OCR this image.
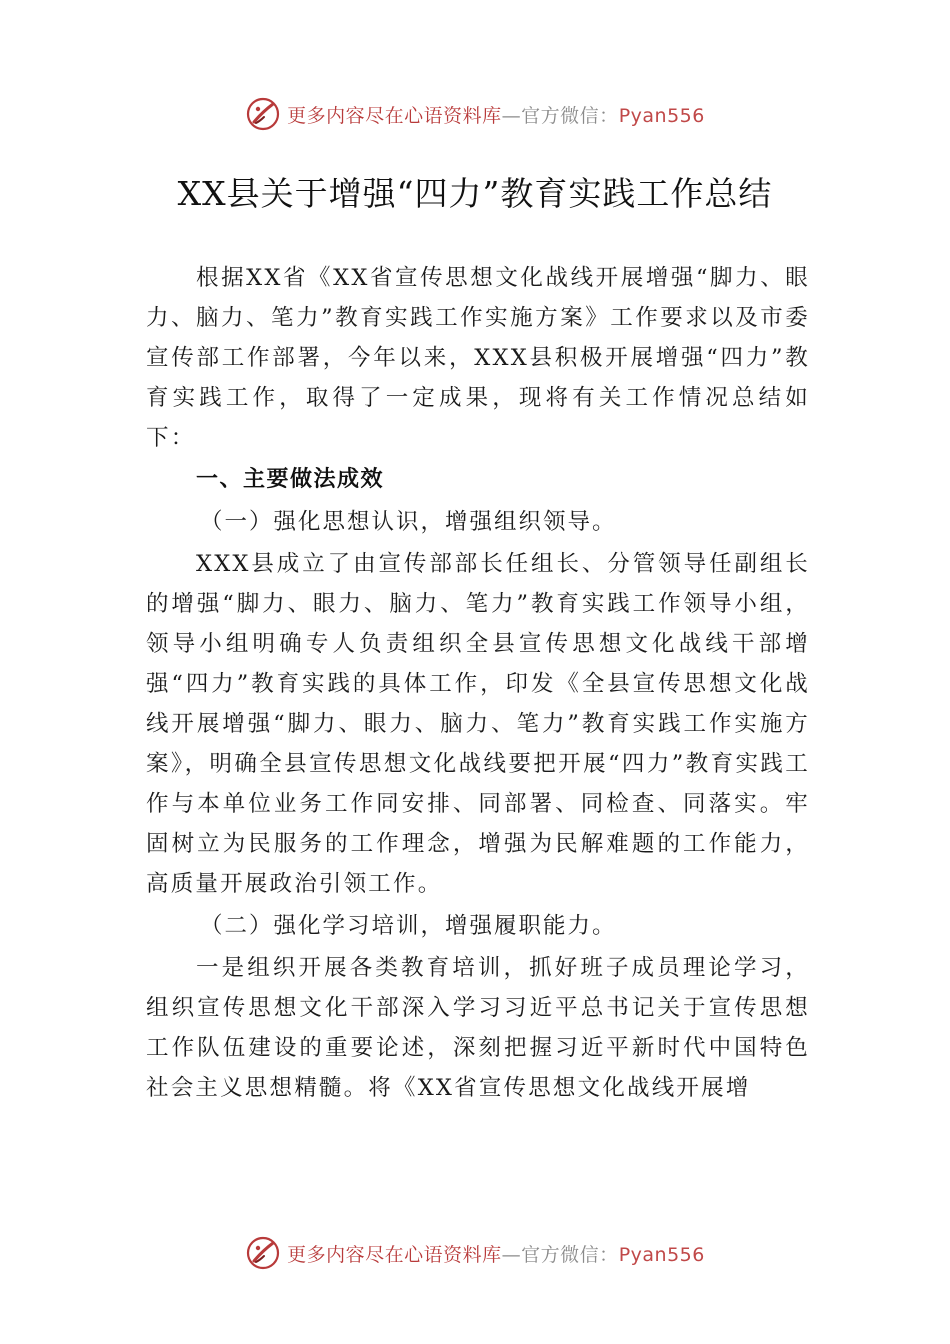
更多内容尽在心语资料库—官方微信：Pyan556
XX县关于增强“四力”教育实践工作总结

根据XX省《XX省宣传思想文化战线开展增强“脚力、眼力、脑力、笔力”教育实践工作实施方案》工作要求以及市委宣传部工作部署，今年以来，XXX县积极开展增强“四力”教育实践工作，取得了一定成果，现将有关工作情况总结如下：

一、主要做法成效
（一）强化思想认识，增强组织领导。

XXX县成立了由宣传部部长任组长、分管领导任副组长的增强“脚力、眼力、脑力、笔力”教育实践工作领导小组，领导小组明确专人负责组织全县宣传思想文化战线干部增强“四力”教育实践的具体工作，印发《全县宣传思想文化战线开展增强“脚力、眼力、脑力、笔力”教育实践工作实施方案》，明确全县宣传思想文化战线要把开展“四力”教育实践工作与本单位业务工作同安排、同部署、同检查、同落实。牢固树立为民服务的工作理念，增强为民解难题的工作能力，高质量开展政治引领工作。

（二）强化学习培训，增强履职能力。

一是组织开展各类教育培训，抓好班子成员理论学习，组织宣传思想文化干部深入学习习近平总书记关于宣传思想工作队伍建设的重要论述，深刻把握习近平新时代中国特色社会主义思想精髓。将《XX省宣传思想文化战线开展增

更多内容尽在心语资料库—官方微信：Pyan556
